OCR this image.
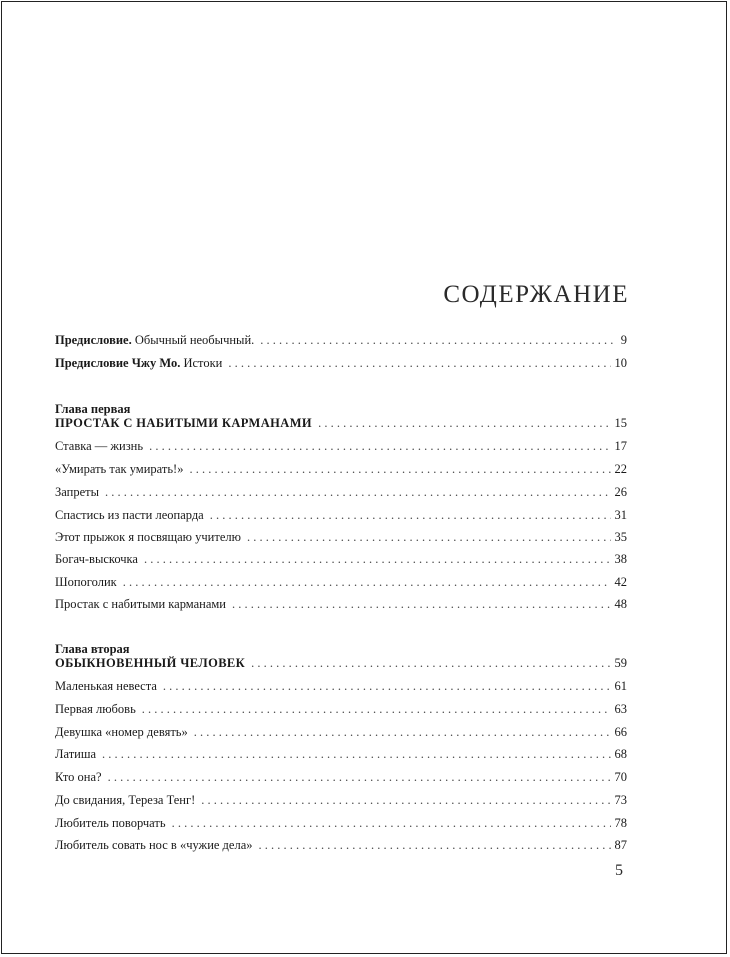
СОДЕРЖАНИЕ
Предисловие. Обычный необычный. . . .	9
Предисловие Чжу Мо. Истоки . . .	10
Глава первая
ПРОСТАК С НАБИТЫМИ КАРМАНАМИ . . .	15
Ставка — жизнь . . .	17
«Умирать так умирать!» . . .	22
Запреты . . .	26
Спастись из пасти леопарда . . .	31
Этот прыжок я посвящаю учителю . . .	35
Богач-выскочка . . .	38
Шопоголик . . .	42
Простак с набитыми карманами . . .	48
Глава вторая
ОБЫКНОВЕННЫЙ ЧЕЛОВЕК . . .	59
Маленькая невеста . . .	61
Первая любовь . . .	63
Девушка «номер девять» . . .	66
Латиша . . .	68
Кто она? . . .	70
До свидания, Тереза Тенг! . . .	73
Любитель поворчать . . .	78
Любитель совать нос в «чужие дела» . . .	87
5
